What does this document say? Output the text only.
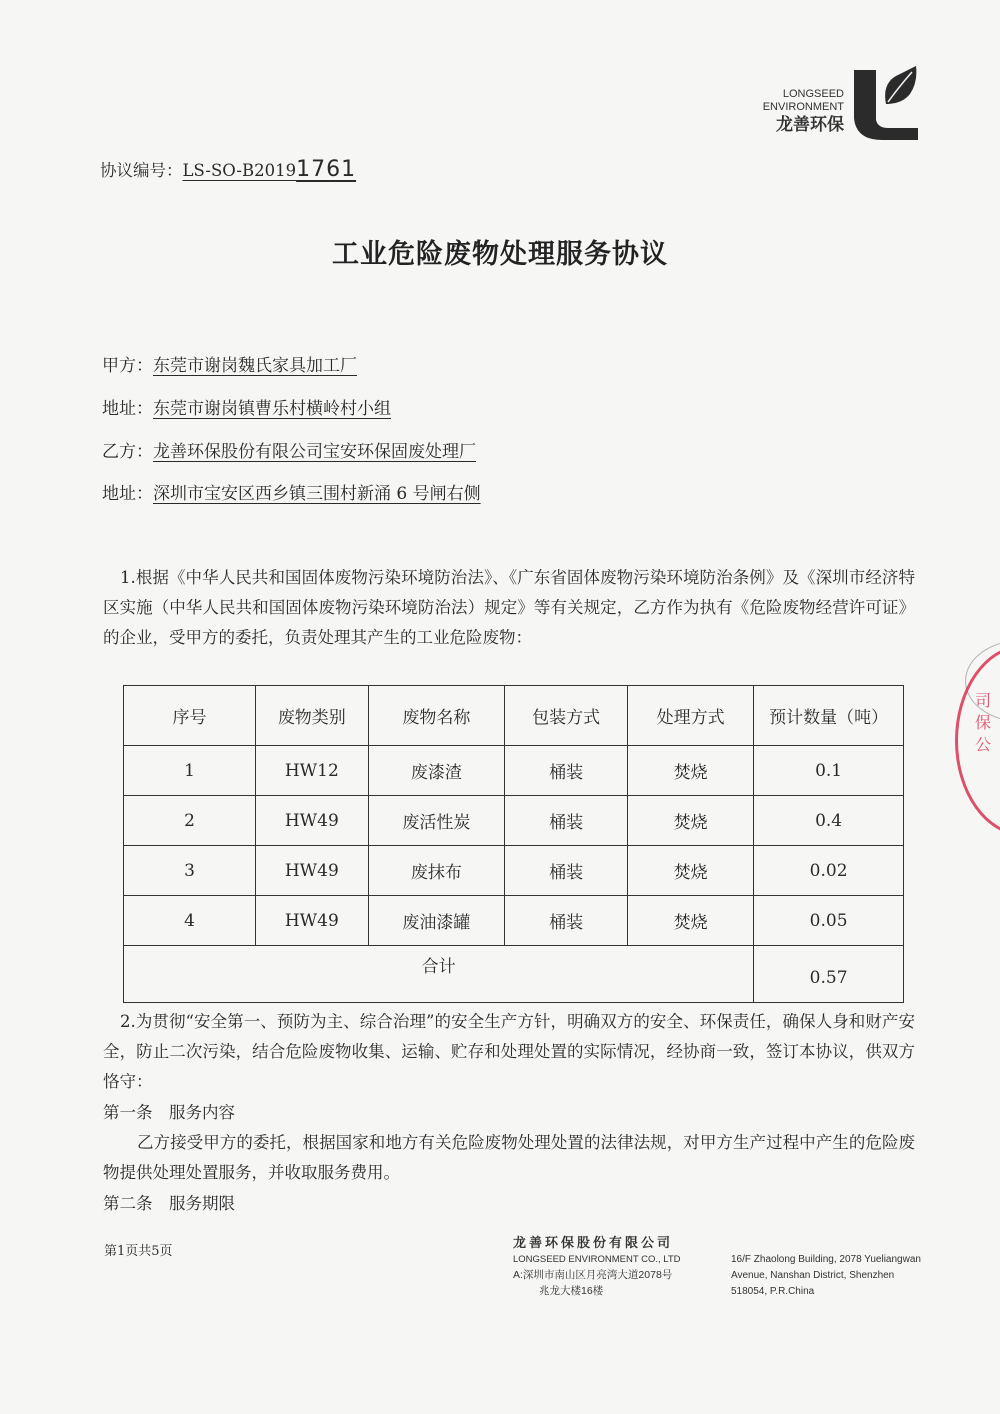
LONGSEED
ENVIRONMENT
龙善环保
协议编号：LS-SO-B20191761
工业危险废物处理服务协议
甲方：东莞市谢岗魏氏家具加工厂
地址：东莞市谢岗镇曹乐村横岭村小组
乙方：龙善环保股份有限公司宝安环保固废处理厂
地址：深圳市宝安区西乡镇三围村新涌 6 号闸右侧
1.根据《中华人民共和国固体废物污染环境防治法》、《广东省固体废物污染环境防治条例》及《深圳市经济特区实施（中华人民共和国固体废物污染环境防治法）规定》等有关规定，乙方作为执有《危险废物经营许可证》的企业，受甲方的委托，负责处理其产生的工业危险废物：
序号	废物类别	废物名称	包装方式	处理方式	预计数量（吨）
1	HW12	废漆渣	桶装	焚烧	0.1
2	HW49	废活性炭	桶装	焚烧	0.4
3	HW49	废抹布	桶装	焚烧	0.02
4	HW49	废油漆罐	桶装	焚烧	0.05
合计					0.57
2.为贯彻“安全第一、预防为主、综合治理”的安全生产方针，明确双方的安全、环保责任，确保人身和财产安全，防止二次污染，结合危险废物收集、运输、贮存和处理处置的实际情况，经协商一致，签订本协议，供双方恪守：
第一条　服务内容
乙方接受甲方的委托，根据国家和地方有关危险废物处理处置的法律法规，对甲方生产过程中产生的危险废物提供处理处置服务，并收取服务费用。
第二条　服务期限
第1页共5页
龙善环保股份有限公司
LONGSEED ENVIRONMENT CO., LTD
A:深圳市南山区月亮湾大道2078号
兆龙大楼16楼
16/F Zhaolong Building, 2078 Yueliangwan
Avenue, Nanshan District, Shenzhen
518054, P.R.China
司保公
